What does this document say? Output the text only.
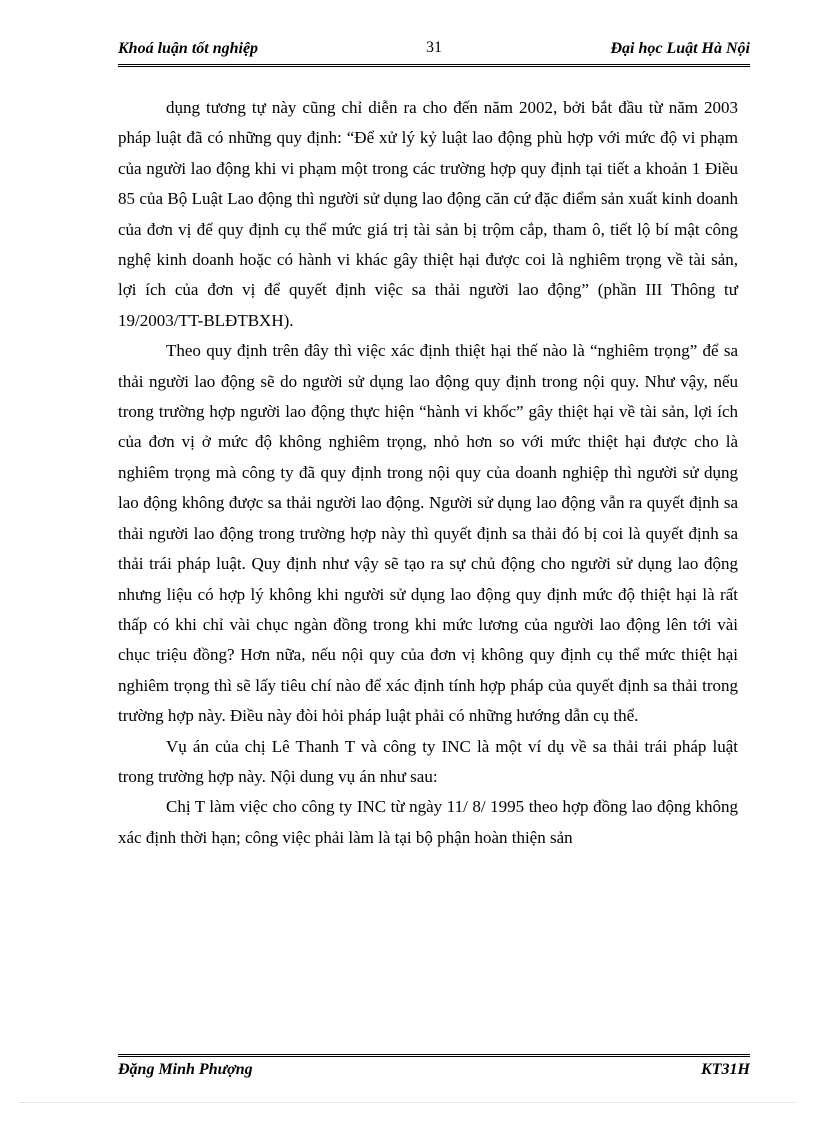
Khoá luận tốt nghiệp	31	Đại học Luật Hà Nội

dụng tương tự này cũng chỉ diễn ra cho đến năm 2002, bởi bắt đầu từ năm 2003 pháp luật đã có những quy định: “Để xử lý kỷ luật lao động phù hợp với mức độ vi phạm của người lao động khi vi phạm một trong các trường hợp quy định tại tiết a khoản 1 Điều 85 của Bộ Luật Lao động thì người sử dụng lao động căn cứ đặc điểm sản xuất kinh doanh của đơn vị để quy định cụ thể mức giá trị tài sản bị trộm cắp, tham ô, tiết lộ bí mật công nghệ kinh doanh hoặc có hành vi khác gây thiệt hại được coi là nghiêm trọng về tài sản, lợi ích của đơn vị để quyết định việc sa thải người lao động” (phần III Thông tư 19/2003/TT-BLĐTBXH).

Theo quy định trên đây thì việc xác định thiệt hại thế nào là “nghiêm trọng” để sa thải người lao động sẽ do người sử dụng lao động quy định trong nội quy. Như vậy, nếu trong trường hợp người lao động thực hiện “hành vi khốc” gây thiệt hại về tài sản, lợi ích của đơn vị ở mức độ không nghiêm trọng, nhỏ hơn so với mức thiệt hại được cho là nghiêm trọng mà công ty đã quy định trong nội quy của doanh nghiệp thì người sử dụng lao động không được sa thải người lao động. Người sử dụng lao động vẫn ra quyết định sa thải người lao động trong trường hợp này thì quyết định sa thải đó bị coi là quyết định sa thải trái pháp luật. Quy định như vậy sẽ tạo ra sự chủ động cho người sử dụng lao động nhưng liệu có hợp lý không khi người sử dụng lao động quy định mức độ thiệt hại là rất thấp có khi chỉ vài chục ngàn đồng trong khi mức lương của người lao động lên tới vài chục triệu đồng? Hơn nữa, nếu nội quy của đơn vị không quy định cụ thể mức thiệt hại nghiêm trọng thì sẽ lấy tiêu chí nào để xác định tính hợp pháp của quyết định sa thải trong trường hợp này. Điều này đòi hỏi pháp luật phải có những hướng dẫn cụ thể.

Vụ án của chị Lê Thanh T và công ty INC là một ví dụ về sa thải trái pháp luật trong trường hợp này. Nội dung vụ án như sau:

Chị T làm việc cho công ty INC từ ngày 11/ 8/ 1995 theo hợp đồng lao động không xác định thời hạn; công việc phải làm là tại bộ phận hoàn thiện sản

Đặng Minh Phượng	KT31H
